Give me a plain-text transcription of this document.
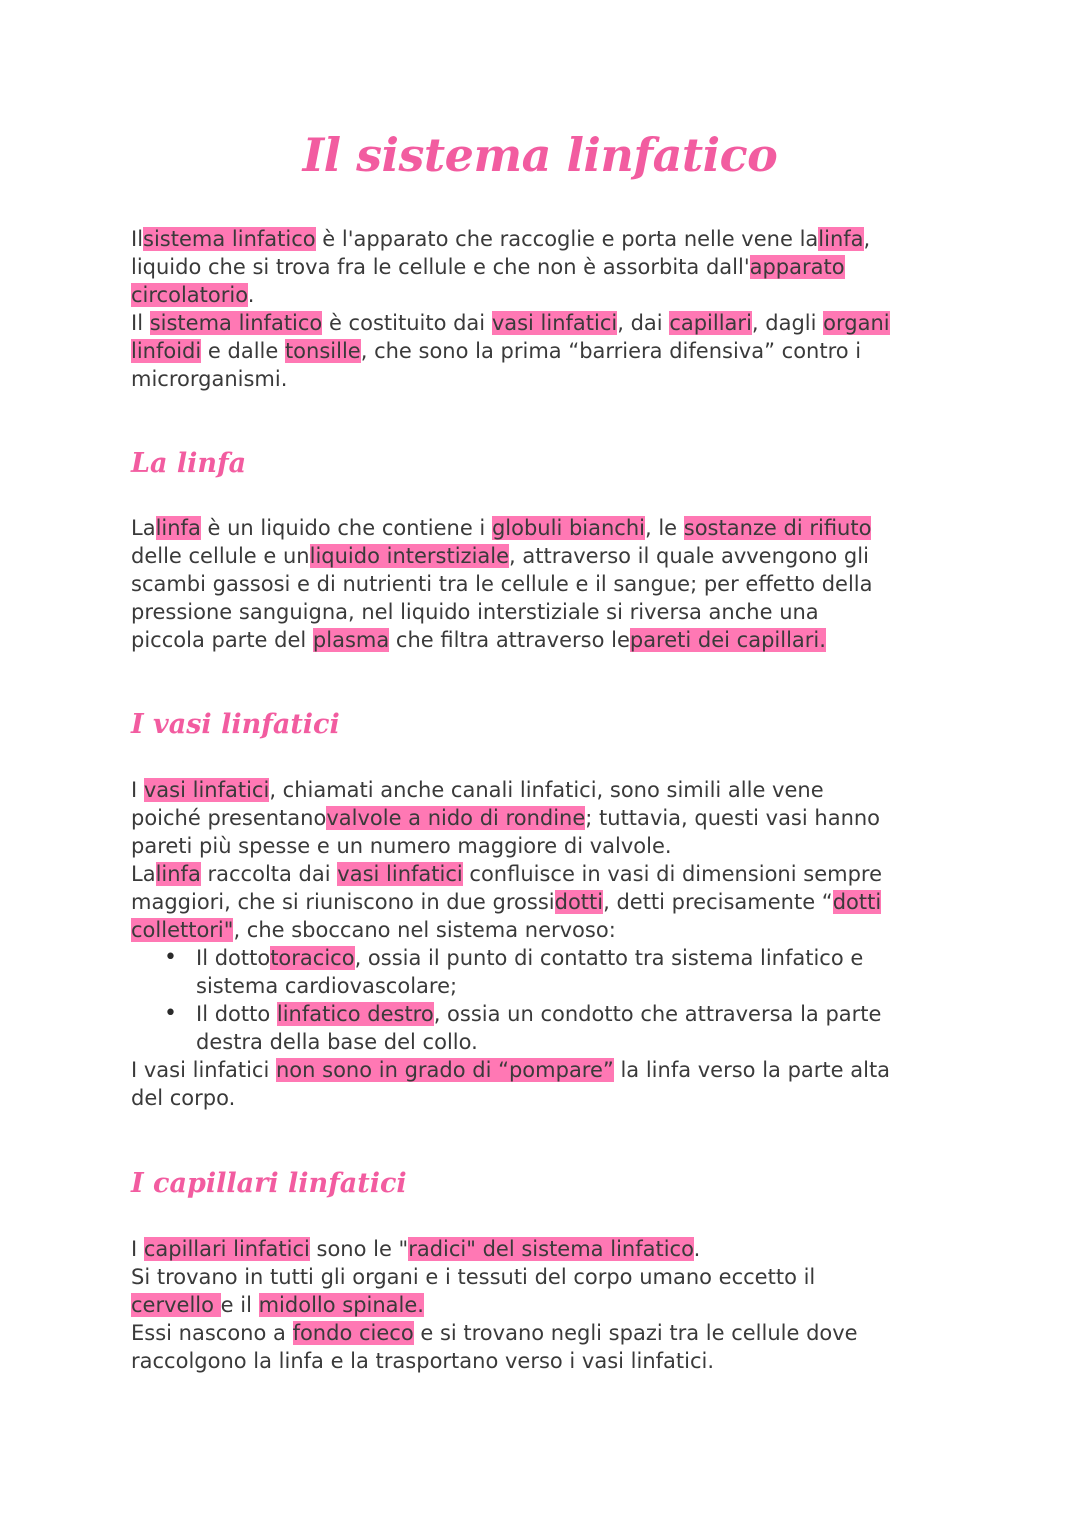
Il sistema linfatico
Ilsistema linfatico è l'apparato che raccoglie e porta nelle vene lalinfa,
liquido che si trova fra le cellule e che non è assorbita dall'apparato
circolatorio.
Il sistema linfatico è costituito dai vasi linfatici, dai capillari, dagli organi
linfoidi e dalle tonsille, che sono la prima “barriera difensiva” contro i
microrganismi.
La linfa
Lalinfa è un liquido che contiene i globuli bianchi, le sostanze di rifiuto
delle cellule e unliquido interstiziale, attraverso il quale avvengono gli
scambi gassosi e di nutrienti tra le cellule e il sangue; per effetto della
pressione sanguigna, nel liquido interstiziale si riversa anche una
piccola parte del plasma che filtra attraverso lepareti dei capillari.
I vasi linfatici
I vasi linfatici, chiamati anche canali linfatici, sono simili alle vene
poiché presentanovalvole a nido di rondine; tuttavia, questi vasi hanno
pareti più spesse e un numero maggiore di valvole.
Lalinfa raccolta dai vasi linfatici confluisce in vasi di dimensioni sempre
maggiori, che si riuniscono in due grossidotti, detti precisamente “dotti
collettori", che sboccano nel sistema nervoso:
• Il dottotoracico, ossia il punto di contatto tra sistema linfatico e
sistema cardiovascolare;
• Il dotto linfatico destro, ossia un condotto che attraversa la parte
destra della base del collo.
I vasi linfatici non sono in grado di “pompare” la linfa verso la parte alta
del corpo.
I capillari linfatici
I capillari linfatici sono le "radici" del sistema linfatico.
Si trovano in tutti gli organi e i tessuti del corpo umano eccetto il
cervello e il midollo spinale.
Essi nascono a fondo cieco e si trovano negli spazi tra le cellule dove
raccolgono la linfa e la trasportano verso i vasi linfatici.
